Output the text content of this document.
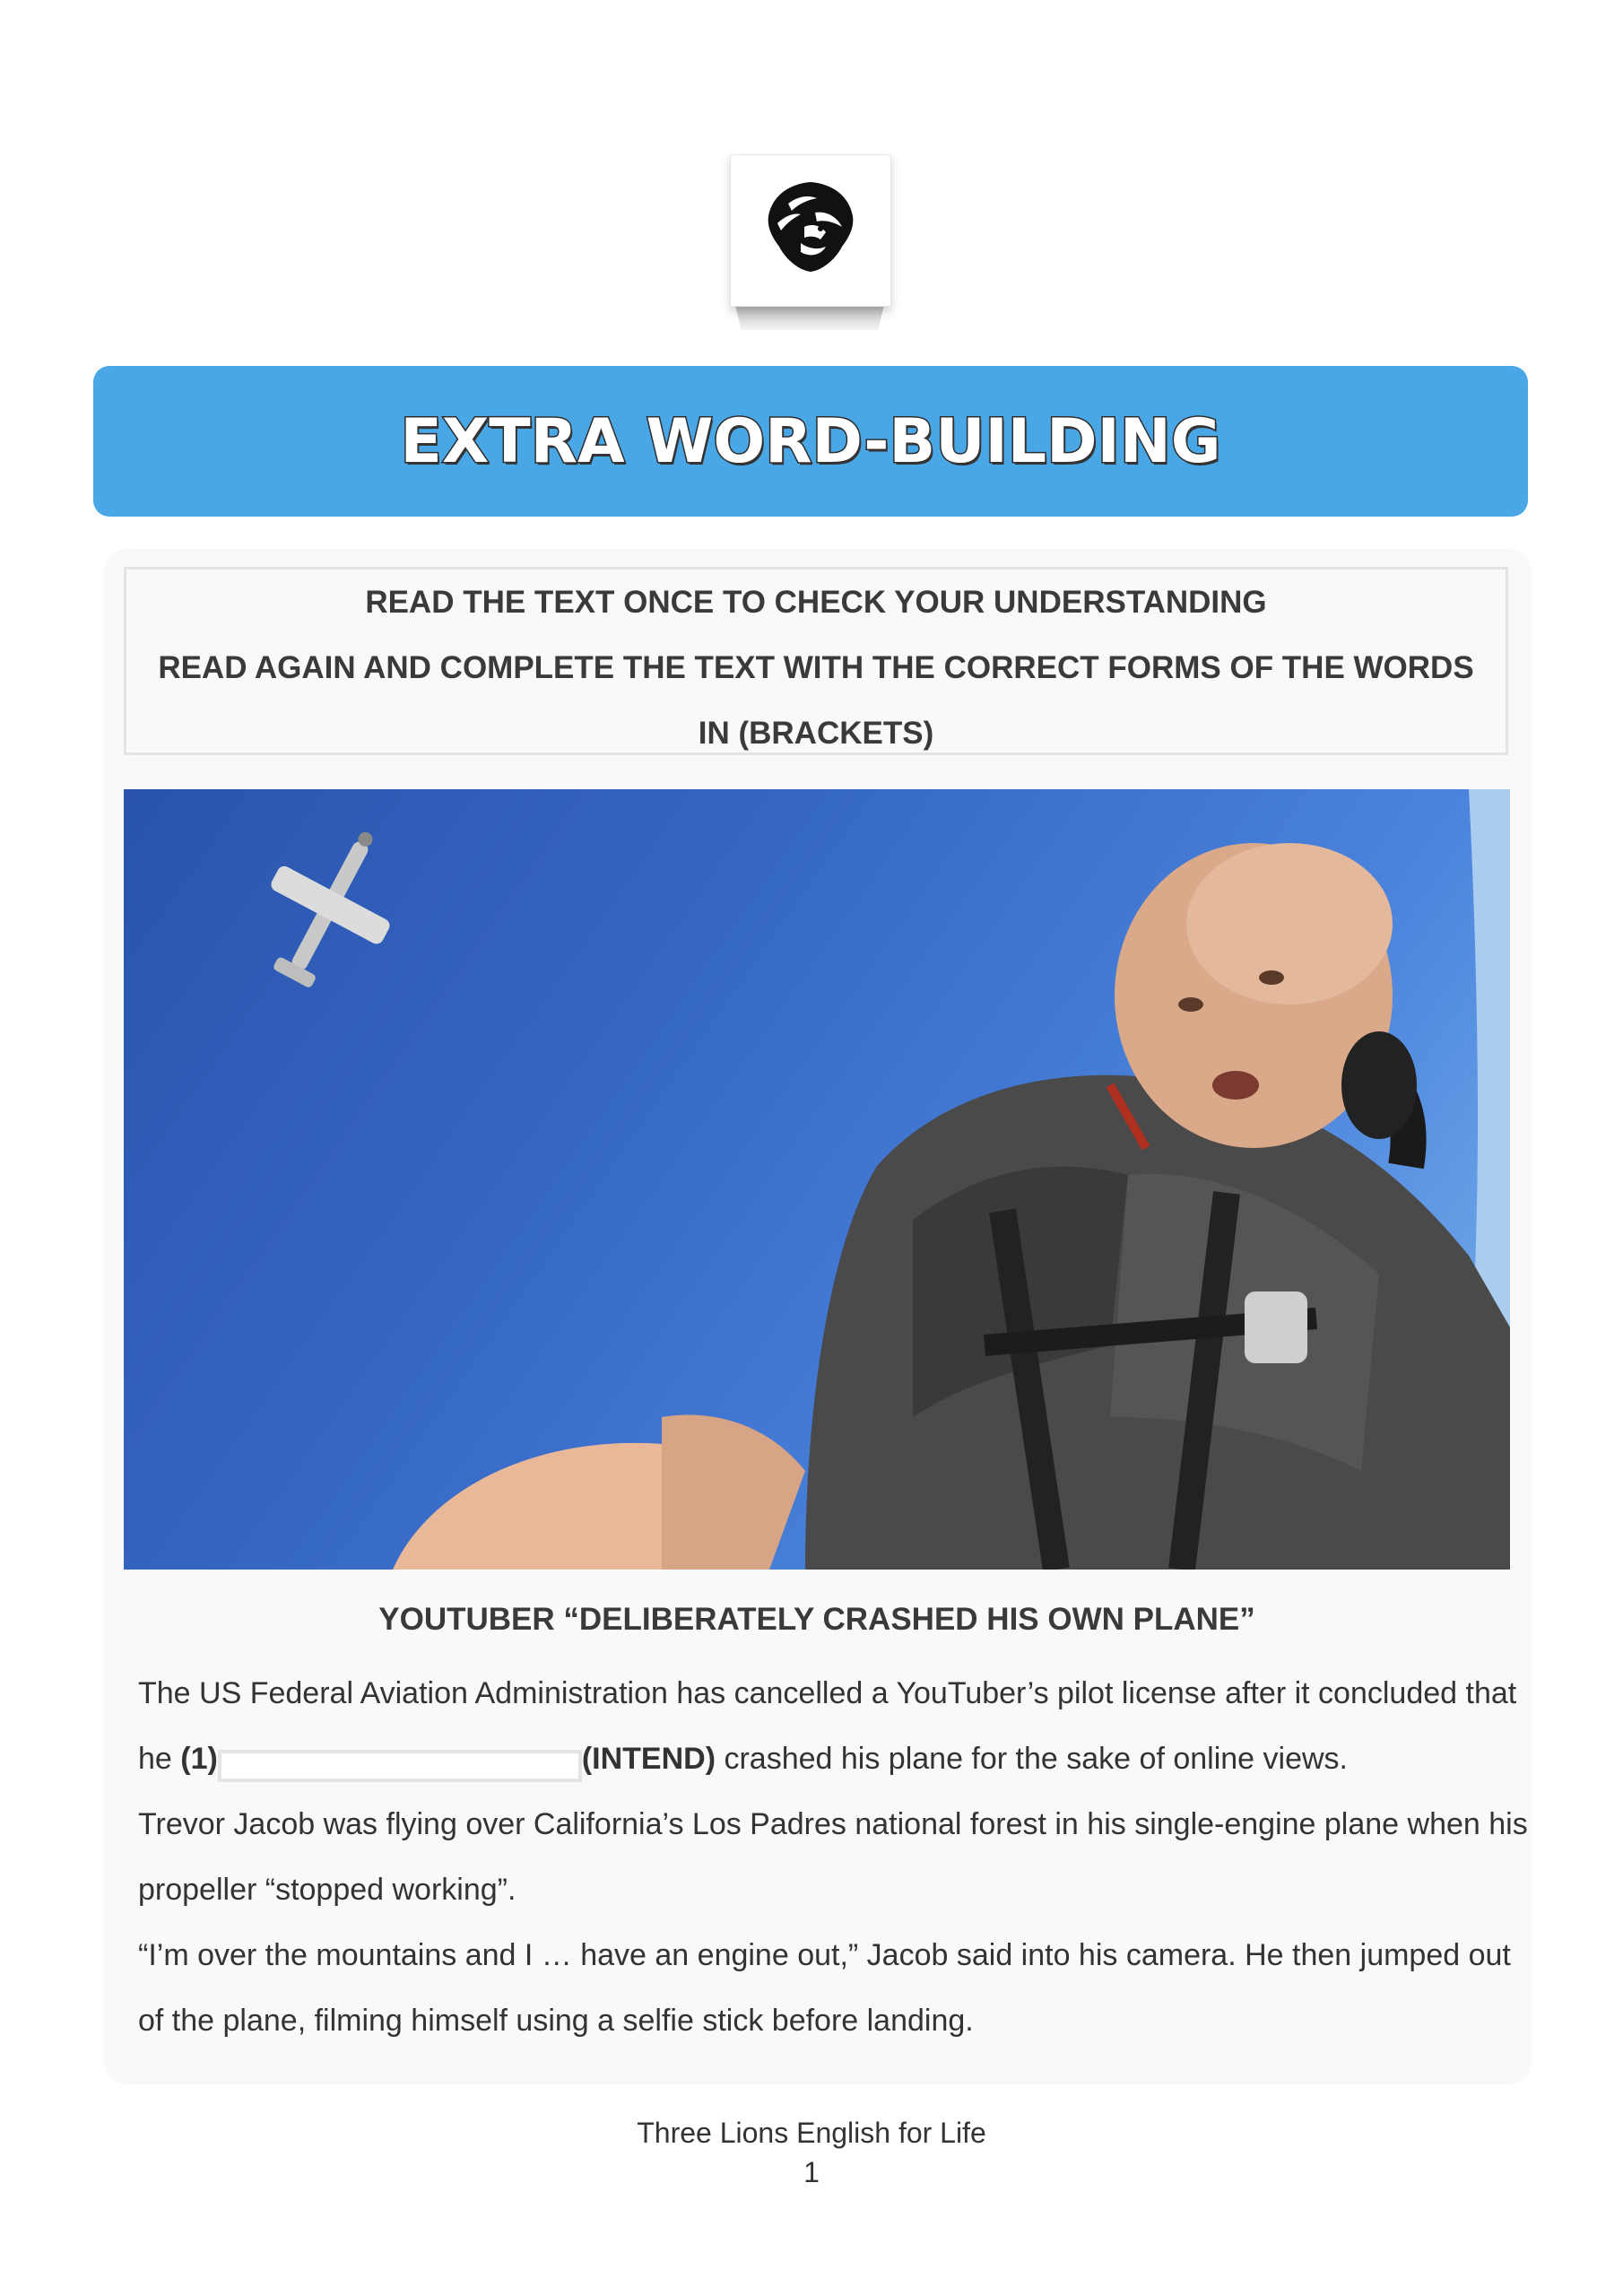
EXTRA WORD-BUILDING
READ THE TEXT ONCE TO CHECK YOUR UNDERSTANDING
READ AGAIN AND COMPLETE THE TEXT WITH THE CORRECT FORMS OF THE WORDS
IN (BRACKETS)
YOUTUBER “DELIBERATELY CRASHED HIS OWN PLANE”

The US Federal Aviation Administration has cancelled a YouTuber’s pilot license after it concluded that

he (1)	(INTEND) crashed his plane for the sake of online views.

Trevor Jacob was flying over California’s Los Padres national forest in his single-engine plane when his

propeller “stopped working”.

“I’m over the mountains and I … have an engine out,” Jacob said into his camera. He then jumped out

of the plane, filming himself using a selfie stick before landing.

Three Lions English for Life
1
